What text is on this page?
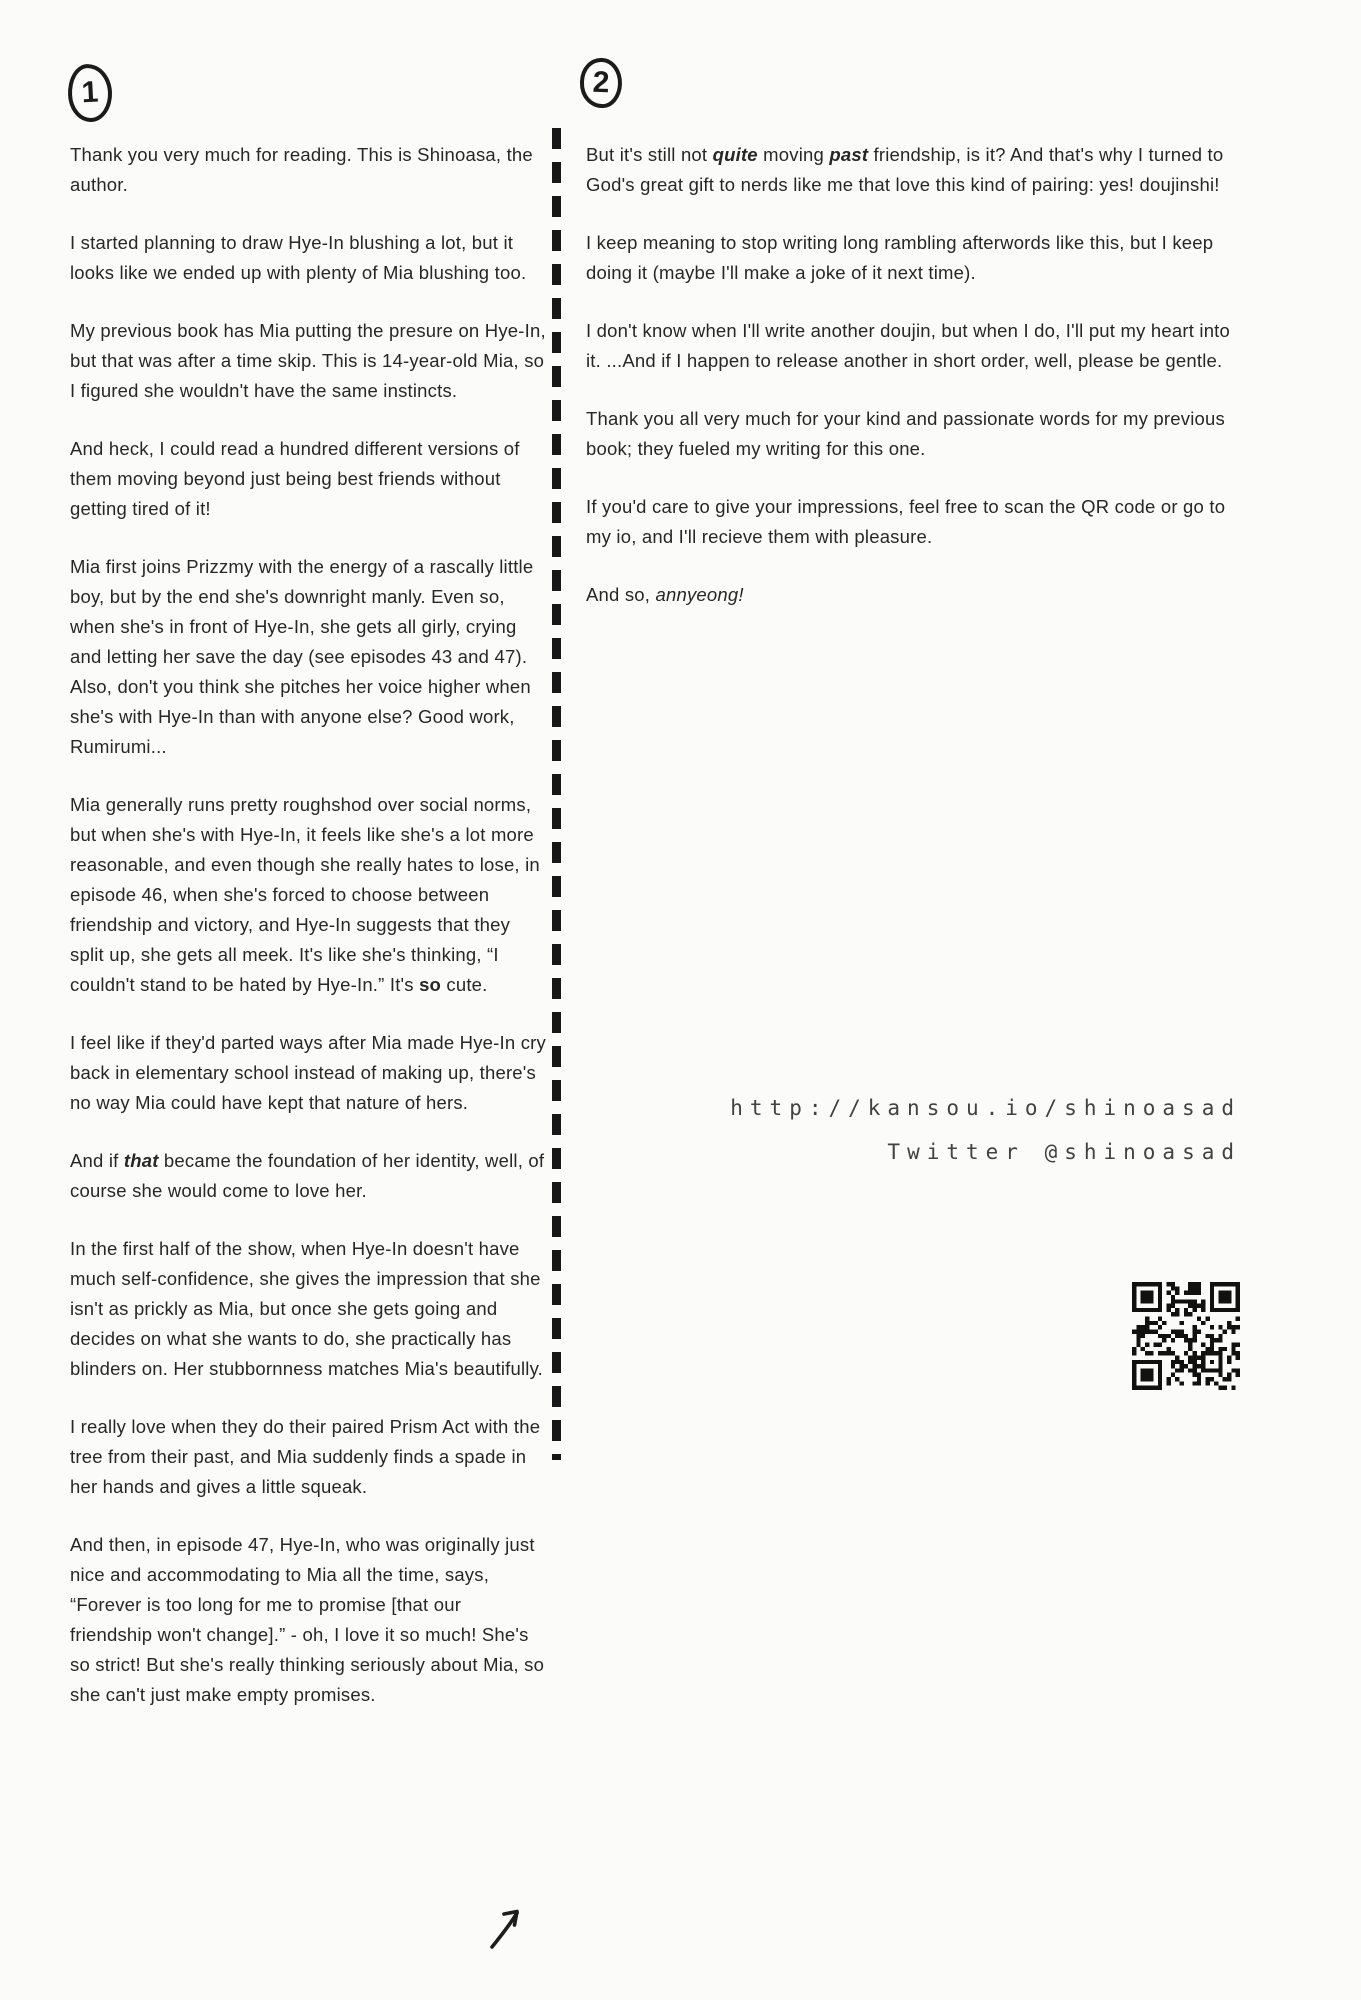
1	2
Thank you very much for reading. This is Shinoasa, the author.
I started planning to draw Hye-In blushing a lot, but it looks like we ended up with plenty of Mia blushing too.
My previous book has Mia putting the presure on Hye-In, but that was after a time skip. This is 14-year-old Mia, so I figured she wouldn't have the same instincts.
And heck, I could read a hundred different versions of them moving beyond just being best friends without getting tired of it!
Mia first joins Prizzmy with the energy of a rascally little boy, but by the end she's downright manly. Even so, when she's in front of Hye-In, she gets all girly, crying and letting her save the day (see episodes 43 and 47). Also, don't you think she pitches her voice higher when she's with Hye-In than with anyone else? Good work, Rumirumi...
Mia generally runs pretty roughshod over social norms, but when she's with Hye-In, it feels like she's a lot more reasonable, and even though she really hates to lose, in episode 46, when she's forced to choose between friendship and victory, and Hye-In suggests that they split up, she gets all meek. It's like she's thinking, “I couldn't stand to be hated by Hye-In.” It's so cute.
I feel like if they'd parted ways after Mia made Hye-In cry back in elementary school instead of making up, there's no way Mia could have kept that nature of hers.
And if that became the foundation of her identity, well, of course she would come to love her.
In the first half of the show, when Hye-In doesn't have much self-confidence, she gives the impression that she isn't as prickly as Mia, but once she gets going and decides on what she wants to do, she practically has blinders on. Her stubbornness matches Mia's beautifully.
I really love when they do their paired Prism Act with the tree from their past, and Mia suddenly finds a spade in her hands and gives a little squeak.
And then, in episode 47, Hye-In, who was originally just nice and accommodating to Mia all the time, says, “Forever is too long for me to promise [that our friendship won't change].” - oh, I love it so much! She's so strict! But she's really thinking seriously about Mia, so she can't just make empty promises.
But it's still not quite moving past friendship, is it? And that's why I turned to God's great gift to nerds like me that love this kind of pairing: yes! doujinshi!
I keep meaning to stop writing long rambling afterwords like this, but I keep doing it (maybe I'll make a joke of it next time).
I don't know when I'll write another doujin, but when I do, I'll put my heart into it. ...And if I happen to release another in short order, well, please be gentle.
Thank you all very much for your kind and passionate words for my previous book; they fueled my writing for this one.
If you'd care to give your impressions, feel free to scan the QR code or go to my io, and I'll recieve them with pleasure.
And so, annyeong!
http://kansou.io/shinoasad
Twitter @shinoasad
